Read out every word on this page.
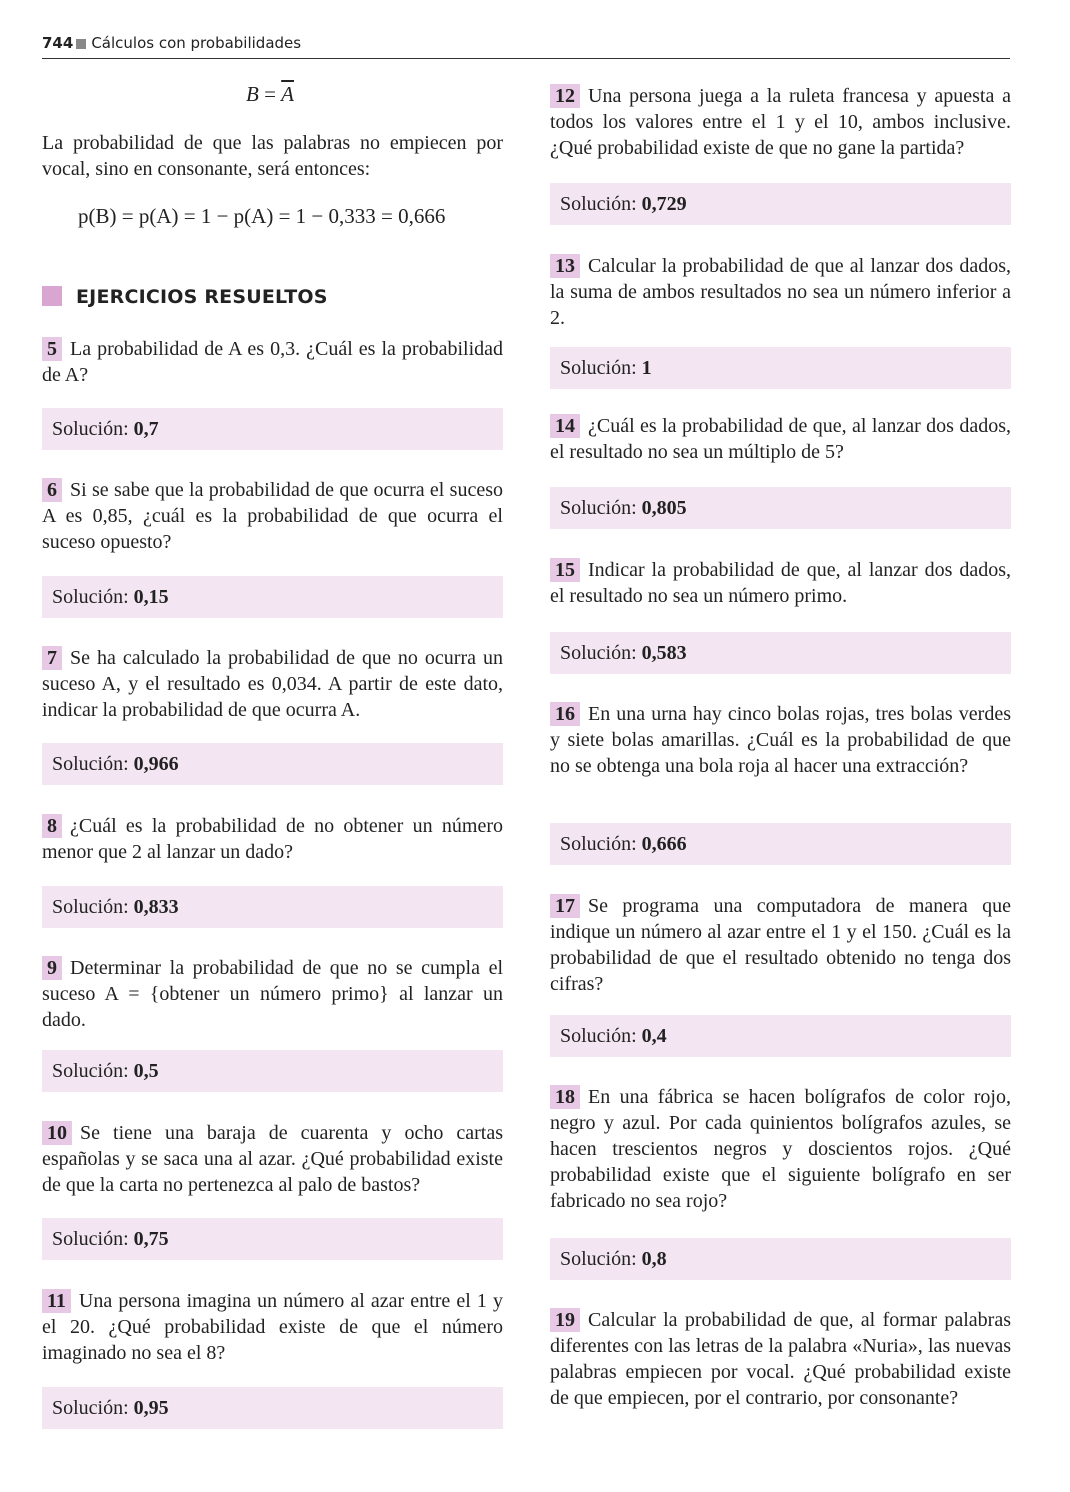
744 Cálculos con probabilidades
$B = \overline{A}$

La probabilidad de que las palabras no empiecen por vocal, sino en consonante, será entonces:

p(B) = p(A) = 1 − p(A) = 1 − 0,333 = 0,666
EJERCICIOS RESUELTOS
5 La probabilidad de A es 0,3. ¿Cuál es la probabilidad de A?
Solución: 0,7
6 Si se sabe que la probabilidad de que ocurra el suceso A es 0,85, ¿cuál es la probabilidad de que ocurra el suceso opuesto?
Solución: 0,15
7 Se ha calculado la probabilidad de que no ocurra un suceso A, y el resultado es 0,034. A partir de este dato, indicar la probabilidad de que ocurra A.
Solución: 0,966
8 ¿Cuál es la probabilidad de no obtener un número menor que 2 al lanzar un dado?
Solución: 0,833
9 Determinar la probabilidad de que no se cumpla el suceso A = {obtener un número primo} al lanzar un dado.
Solución: 0,5
10 Se tiene una baraja de cuarenta y ocho cartas españolas y se saca una al azar. ¿Qué probabilidad existe de que la carta no pertenezca al palo de bastos?
Solución: 0,75
11 Una persona imagina un número al azar entre el 1 y el 20. ¿Qué probabilidad existe de que el número imaginado no sea el 8?
Solución: 0,95
12 Una persona juega a la ruleta francesa y apuesta a todos los valores entre el 1 y el 10, ambos inclusive. ¿Qué probabilidad existe de que no gane la partida?
Solución: 0,729
13 Calcular la probabilidad de que al lanzar dos dados, la suma de ambos resultados no sea un número inferior a 2.
Solución: 1
14 ¿Cuál es la probabilidad de que, al lanzar dos dados, el resultado no sea un múltiplo de 5?
Solución: 0,805
15 Indicar la probabilidad de que, al lanzar dos dados, el resultado no sea un número primo.
Solución: 0,583
16 En una urna hay cinco bolas rojas, tres bolas verdes y siete bolas amarillas. ¿Cuál es la probabilidad de que no se obtenga una bola roja al hacer una extracción?
Solución: 0,666
17 Se programa una computadora de manera que indique un número al azar entre el 1 y el 150. ¿Cuál es la probabilidad de que el resultado obtenido no tenga dos cifras?
Solución: 0,4
18 En una fábrica se hacen bolígrafos de color rojo, negro y azul. Por cada quinientos bolígrafos azules, se hacen trescientos negros y doscientos rojos. ¿Qué probabilidad existe que el siguiente bolígrafo en ser fabricado no sea rojo?
Solución: 0,8
19 Calcular la probabilidad de que, al formar palabras diferentes con las letras de la palabra «Nuria», las nuevas palabras empiecen por vocal. ¿Qué probabilidad existe de que empiecen, por el contrario, por consonante?
